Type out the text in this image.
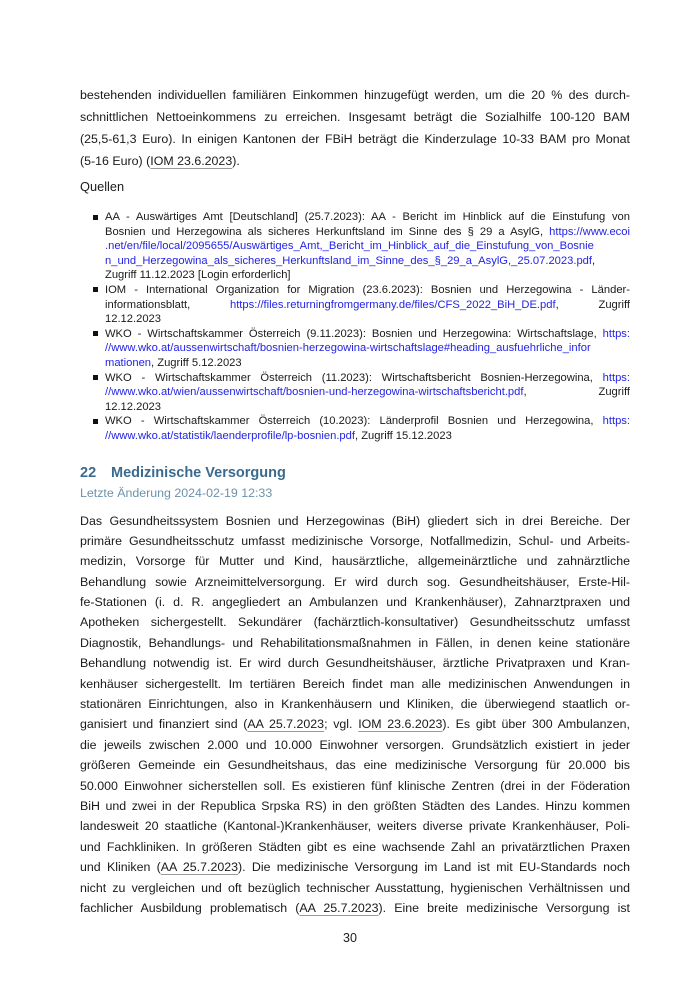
bestehenden individuellen familiären Einkommen hinzugefügt werden, um die 20 % des durch-
schnittlichen Nettoeinkommens zu erreichen. Insgesamt beträgt die Sozialhilfe 100-120 BAM
(25,5-61,3 Euro). In einigen Kantonen der FBiH beträgt die Kinderzulage 10-33 BAM pro Monat
(5-16 Euro) (IOM 23.6.2023).
Quellen
AA - Auswärtiges Amt [Deutschland] (25.7.2023): AA - Bericht im Hinblick auf die Einstufung von
Bosnien und Herzegowina als sicheres Herkunftsland im Sinne des § 29 a AsylG, https://www.ecoi
.net/en/file/local/2095655/Auswärtiges_Amt,_Bericht_im_Hinblick_auf_die_Einstufung_von_Bosnie
n_und_Herzegowina_als_sicheres_Herkunftsland_im_Sinne_des_§_29_a_AsylG,_25.07.2023.pdf,
Zugriff 11.12.2023 [Login erforderlich]
IOM - International Organization for Migration (23.6.2023): Bosnien und Herzegowina - Länder-
informationsblatt, https://files.returningfromgermany.de/files/CFS_2022_BiH_DE.pdf, Zugriff
12.12.2023
WKO - Wirtschaftskammer Österreich (9.11.2023): Bosnien und Herzegowina: Wirtschaftslage, https:
//www.wko.at/aussenwirtschaft/bosnien-herzegowina-wirtschaftslage#heading_ausfuehrliche_infor
mationen, Zugriff 5.12.2023
WKO - Wirtschaftskammer Österreich (11.2023): Wirtschaftsbericht Bosnien-Herzegowina, https:
//www.wko.at/wien/aussenwirtschaft/bosnien-und-herzegowina-wirtschaftsbericht.pdf, Zugriff
12.12.2023
WKO - Wirtschaftskammer Österreich (10.2023): Länderprofil Bosnien und Herzegowina, https:
//www.wko.at/statistik/laenderprofile/lp-bosnien.pdf, Zugriff 15.12.2023
22 Medizinische Versorgung
Letzte Änderung 2024-02-19 12:33
Das Gesundheitssystem Bosnien und Herzegowinas (BiH) gliedert sich in drei Bereiche. Der
primäre Gesundheitsschutz umfasst medizinische Vorsorge, Notfallmedizin, Schul- und Arbeits-
medizin, Vorsorge für Mutter und Kind, hausärztliche, allgemeinärztliche und zahnärztliche
Behandlung sowie Arzneimittelversorgung. Er wird durch sog. Gesundheitshäuser, Erste-Hil-
fe-Stationen (i. d. R. angegliedert an Ambulanzen und Krankenhäuser), Zahnarztpraxen und
Apotheken sichergestellt. Sekundärer (fachärztlich-konsultativer) Gesundheitsschutz umfasst
Diagnostik, Behandlungs- und Rehabilitationsmaßnahmen in Fällen, in denen keine stationäre
Behandlung notwendig ist. Er wird durch Gesundheitshäuser, ärztliche Privatpraxen und Kran-
kenhäuser sichergestellt. Im tertiären Bereich findet man alle medizinischen Anwendungen in
stationären Einrichtungen, also in Krankenhäusern und Kliniken, die überwiegend staatlich or-
ganisiert und finanziert sind (AA 25.7.2023; vgl. IOM 23.6.2023). Es gibt über 300 Ambulanzen,
die jeweils zwischen 2.000 und 10.000 Einwohner versorgen. Grundsätzlich existiert in jeder
größeren Gemeinde ein Gesundheitshaus, das eine medizinische Versorgung für 20.000 bis
50.000 Einwohner sicherstellen soll. Es existieren fünf klinische Zentren (drei in der Föderation
BiH und zwei in der Republica Srpska RS) in den größten Städten des Landes. Hinzu kommen
landesweit 20 staatliche (Kantonal-)Krankenhäuser, weiters diverse private Krankenhäuser, Poli-
und Fachkliniken. In größeren Städten gibt es eine wachsende Zahl an privatärztlichen Praxen
und Kliniken (AA 25.7.2023). Die medizinische Versorgung im Land ist mit EU-Standards noch
nicht zu vergleichen und oft bezüglich technischer Ausstattung, hygienischen Verhältnissen und
fachlicher Ausbildung problematisch (AA 25.7.2023). Eine breite medizinische Versorgung ist
30
